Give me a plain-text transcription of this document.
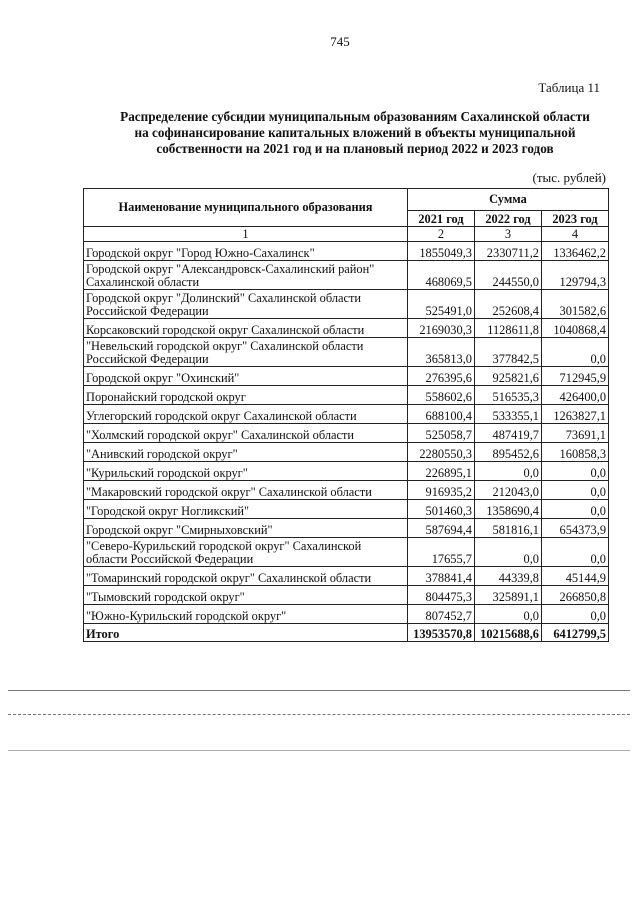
745
Таблица 11
Распределение субсидии муниципальным образованиям Сахалинской области
на софинансирование капитальных вложений в объекты муниципальной
собственности на 2021 год и на плановый период 2022 и 2023 годов
(тыс. рублей)
Наименование муниципального образования	Сумма		
	2021 год	2022 год	2023 год
1	2	3	4

Городской округ "Город Южно-Сахалинск"	1855049,3	2330711,2	1336462,2

Городской округ "Александровск-Сахалинский район"
Сахалинской области	468069,5	244550,0	129794,3

Городской округ "Долинский" Сахалинской области
Российской Федерации	525491,0	252608,4	301582,6

Корсаковский городской округ Сахалинской области	2169030,3	1128611,8	1040868,4

"Невельский городской округ" Сахалинской области
Российской Федерации	365813,0	377842,5	0,0

Городской округ "Охинский"	276395,6	925821,6	712945,9

Поронайский городской округ	558602,6	516535,3	426400,0

Углегорский городской округ Сахалинской области	688100,4	533355,1	1263827,1

"Холмский городской округ" Сахалинской области	525058,7	487419,7	73691,1

"Анивский городской округ"	2280550,3	895452,6	160858,3

"Курильский городской округ"	226895,1	0,0	0,0

"Макаровский городской округ" Сахалинской области	916935,2	212043,0	0,0

"Городской округ Ногликский"	501460,3	1358690,4	0,0

Городской округ "Смирныховский"	587694,4	581816,1	654373,9

"Северо-Курильский городской округ" Сахалинской
области Российской Федерации	17655,7	0,0	0,0

"Томаринский городской округ" Сахалинской области	378841,4	44339,8	45144,9

"Тымовский городской округ"	804475,3	325891,1	266850,8

"Южно-Курильский городской округ"	807452,7	0,0	0,0
Итого	13953570,8	10215688,6	6412799,5
